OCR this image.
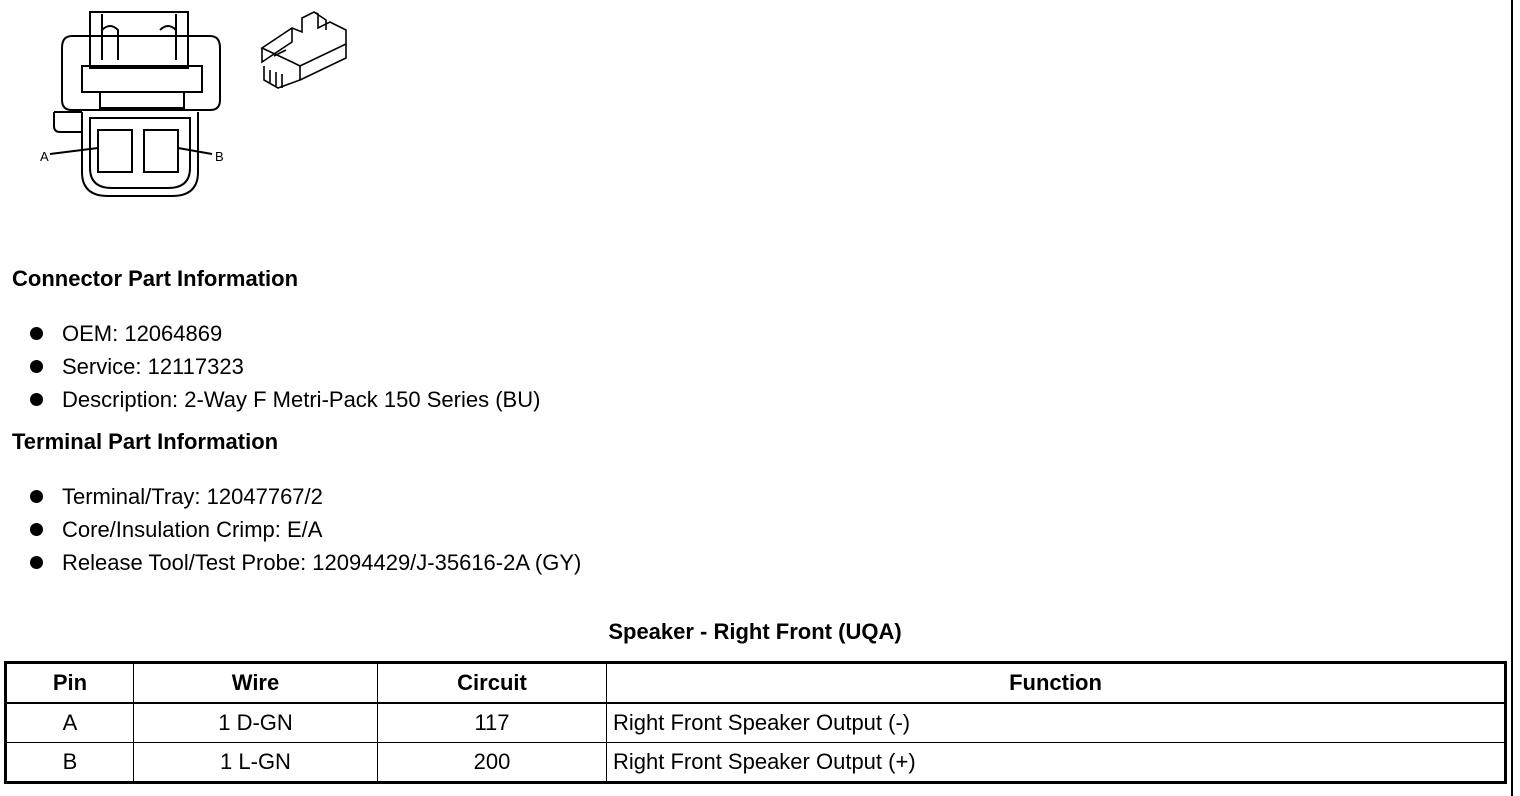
A	B
Connector Part Information
OEM: 12064869
Service: 12117323
Description: 2-Way F Metri-Pack 150 Series (BU)
Terminal Part Information
Terminal/Tray: 12047767/2
Core/Insulation Crimp: E/A
Release Tool/Test Probe: 12094429/J-35616-2A (GY)
Speaker - Right Front (UQA)
Pin	Wire	Circuit	Function
A	1 D-GN	117	Right Front Speaker Output (-)
B	1 L-GN	200	Right Front Speaker Output (+)
